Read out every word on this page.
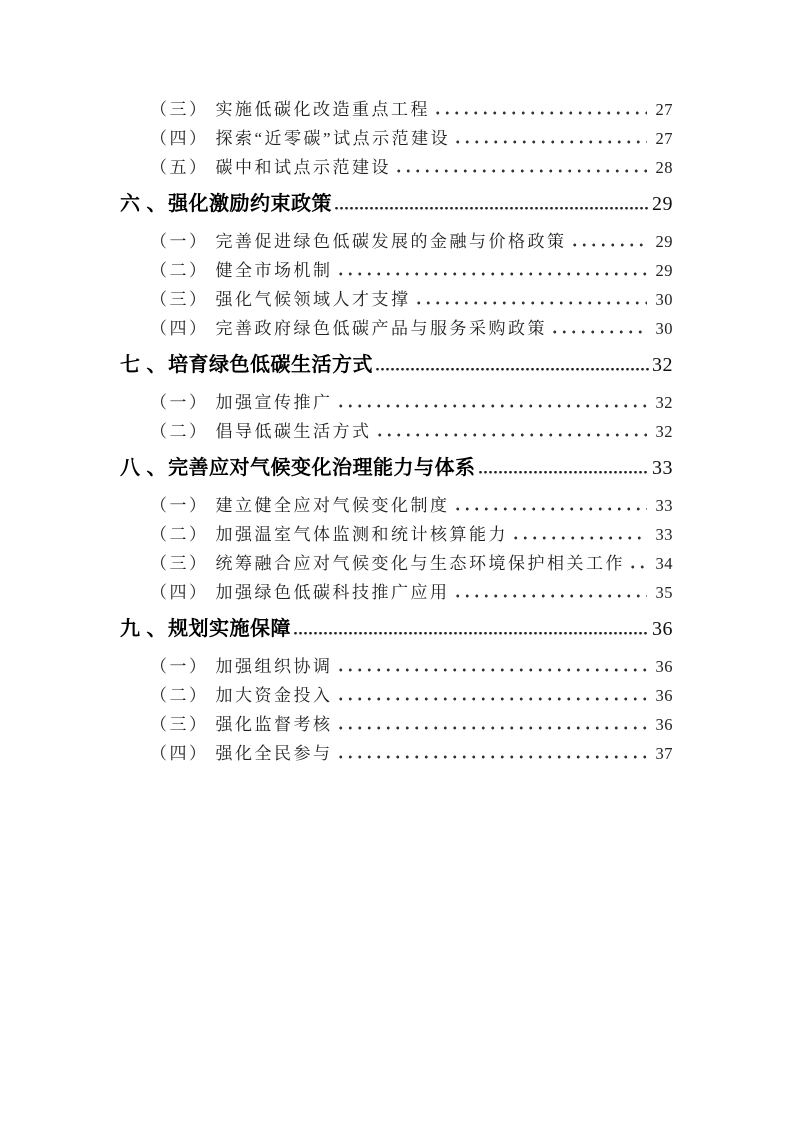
（三） 实施低碳化改造重点工程	27
（四） 探索“近零碳”试点示范建设	27
（五） 碳中和试点示范建设	28
六 、 强化激励约束政策	29
（一） 完善促进绿色低碳发展的金融与价格政策	29
（二） 健全市场机制	29
（三） 强化气候领域人才支撑	30
（四） 完善政府绿色低碳产品与服务采购政策	30
七 、 培育绿色低碳生活方式	32
（一） 加强宣传推广	32
（二） 倡导低碳生活方式	32
八 、 完善应对气候变化治理能力与体系	33
（一） 建立健全应对气候变化制度	33
（二） 加强温室气体监测和统计核算能力	33
（三） 统筹融合应对气候变化与生态环境保护相关工作 34
（四） 加强绿色低碳科技推广应用	35
九 、 规划实施保障	36
（一） 加强组织协调	36
（二） 加大资金投入	36
（三） 强化监督考核	36
（四） 强化全民参与	37
